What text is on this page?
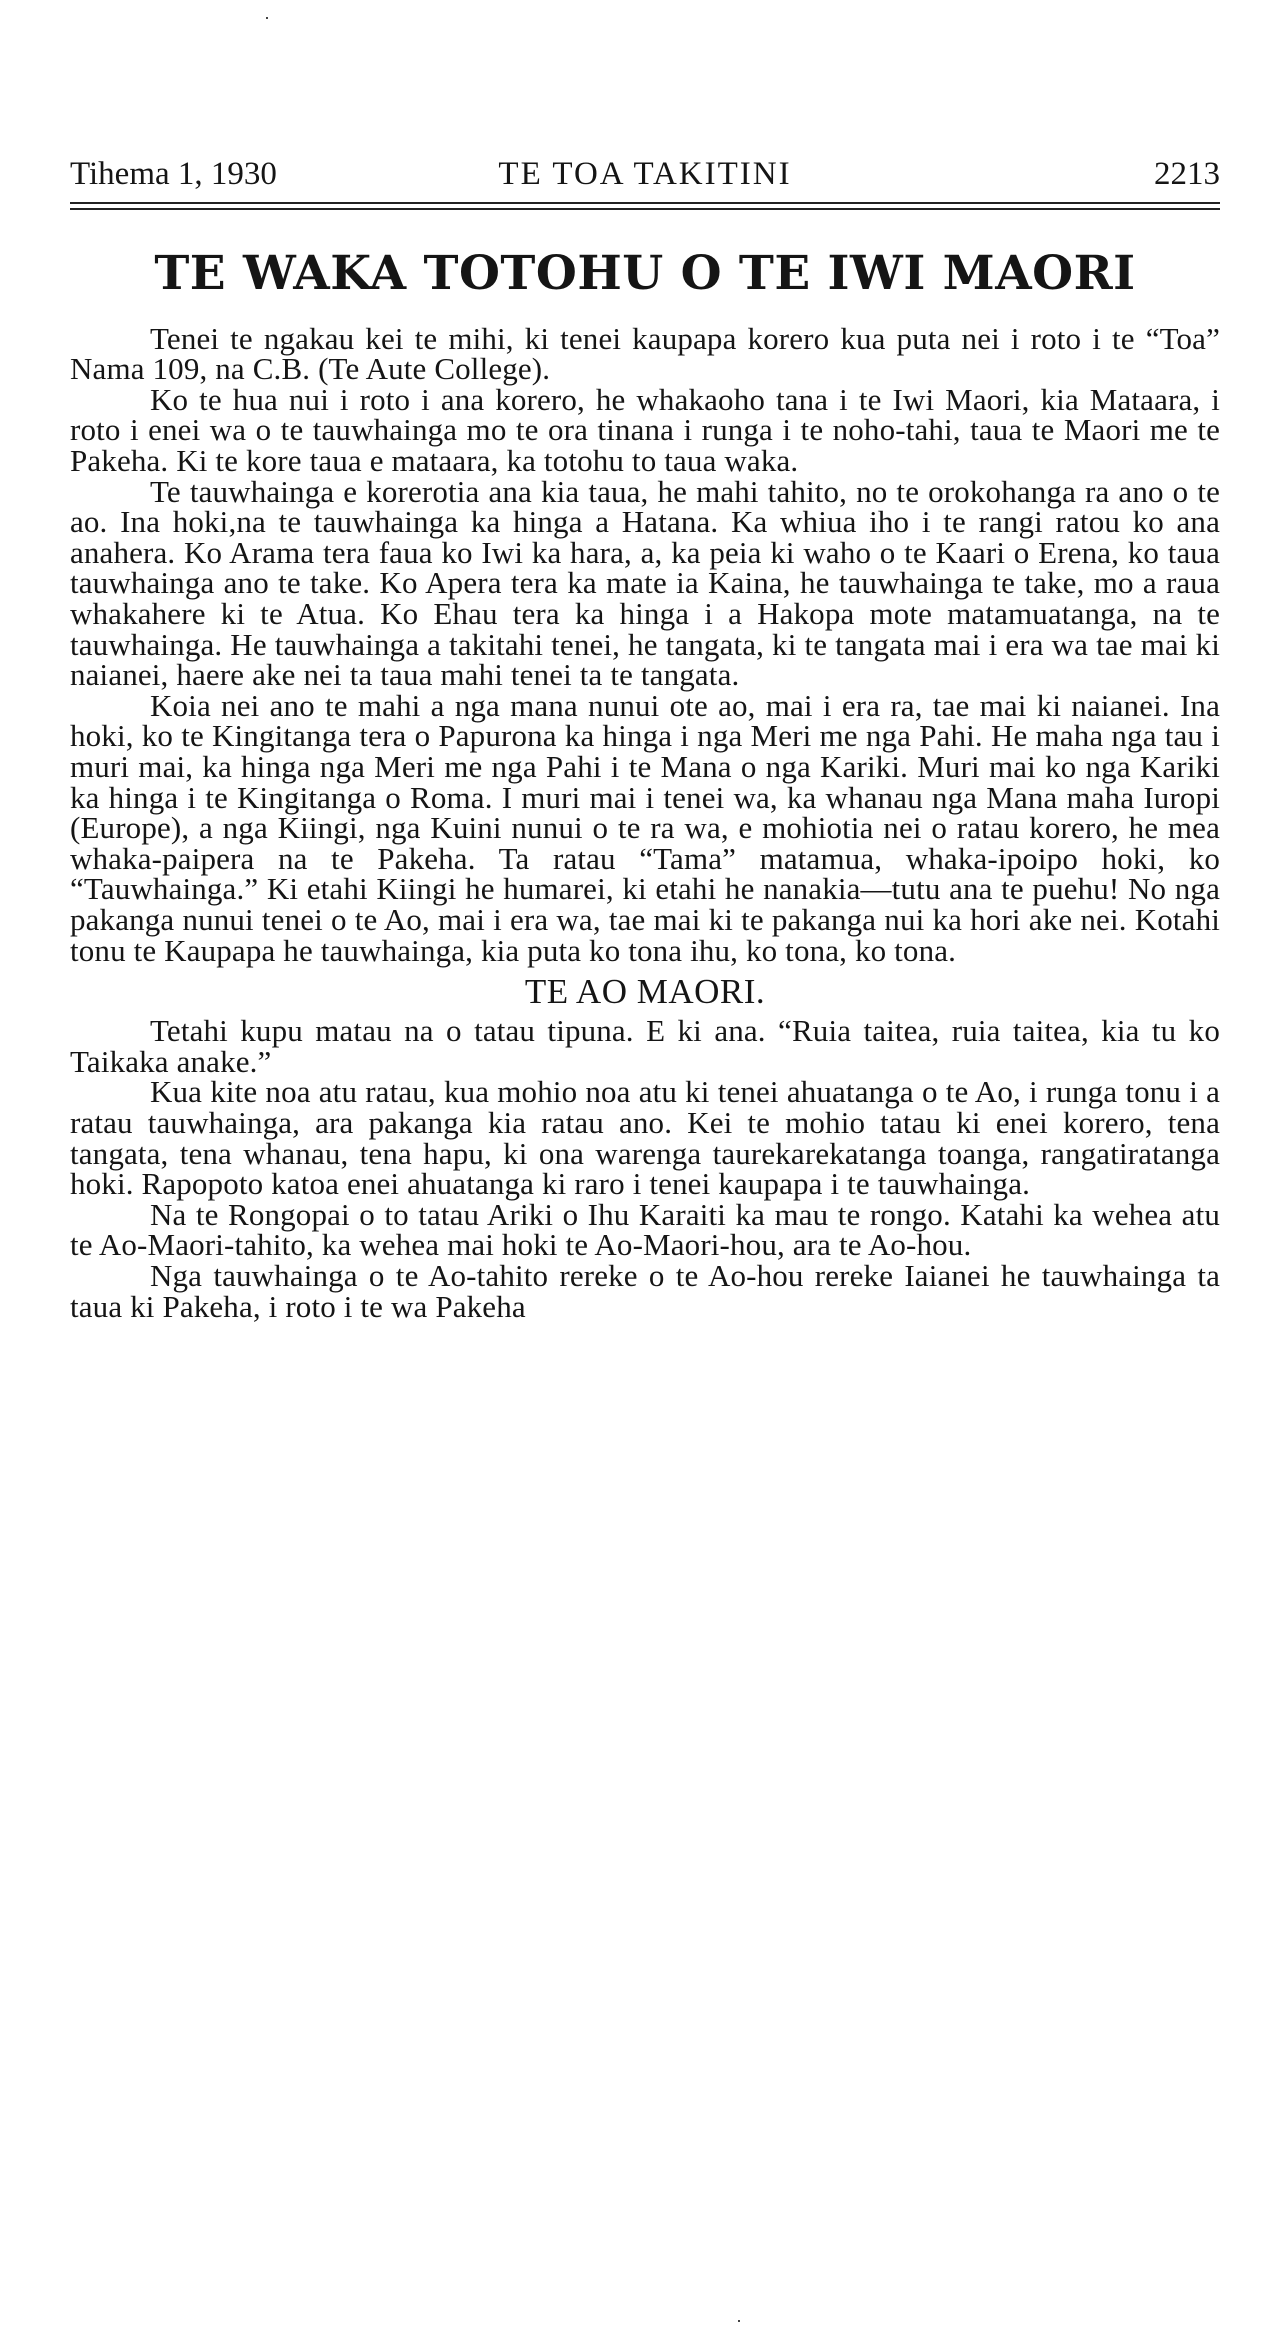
Tihema 1, 1930	TE TOA TAKITINI	2213
TE WAKA TOTOHU O TE IWI MAORI

Tenei te ngakau kei te mihi, ki tenei kaupapa korero kua puta nei i roto i te “Toa” Nama 109, na C.B. (Te Aute College).

Ko te hua nui i roto i ana korero, he whakaoho tana i te Iwi Maori, kia Mataara, i roto i enei wa o te tauwhainga mo te ora tinana i runga i te noho-tahi, taua te Maori me te Pakeha. Ki te kore taua e mataara, ka totohu to taua waka.

Te tauwhainga e korerotia ana kia taua, he mahi tahito, no te orokohanga ra ano o te ao. Ina hoki,na te tauwhainga ka hinga a Hatana. Ka whiua iho i te rangi ratou ko ana anahera. Ko Arama tera faua ko Iwi ka hara, a, ka peia ki waho o te Kaari o Erena, ko taua tauwhainga ano te take. Ko Apera tera ka mate ia Kaina, he tauwhainga te take, mo a raua whakahere ki te Atua. Ko Ehau tera ka hinga i a Hakopa mote matamuatanga, na te tauwhainga. He tauwhainga a takitahi tenei, he tangata, ki te tangata mai i era wa tae mai ki naianei, haere ake nei ta taua mahi tenei ta te tangata.

Koia nei ano te mahi a nga mana nunui ote ao, mai i era ra, tae mai ki naianei. Ina hoki, ko te Kingitanga tera o Papurona ka hinga i nga Meri me nga Pahi. He maha nga tau i muri mai, ka hinga nga Meri me nga Pahi i te Mana o nga Kariki. Muri mai ko nga Kariki ka hinga i te Kingitanga o Roma. I muri mai i tenei wa, ka whanau nga Mana maha Iuropi (Europe), a nga Kiingi, nga Kuini nunui o te ra wa, e mohiotia nei o ratau korero, he mea whaka-paipera na te Pakeha. Ta ratau “Tama” matamua, whaka-ipoipo hoki, ko “Tauwhainga.” Ki etahi Kiingi he humarei, ki etahi he nanakia—tutu ana te puehu! No nga pakanga nunui tenei o te Ao, mai i era wa, tae mai ki te pakanga nui ka hori ake nei. Kotahi tonu te Kaupapa he tauwhainga, kia puta ko tona ihu, ko tona, ko tona.

TE AO MAORI.

Tetahi kupu matau na o tatau tipuna. E ki ana. “Ruia taitea, ruia taitea, kia tu ko Taikaka anake.”

Kua kite noa atu ratau, kua mohio noa atu ki tenei ahuatanga o te Ao, i runga tonu i a ratau tauwhainga, ara pakanga kia ratau ano. Kei te mohio tatau ki enei korero, tena tangata, tena whanau, tena hapu, ki ona warenga taurekarekatanga toanga, rangatiratanga hoki. Rapopoto katoa enei ahuatanga ki raro i tenei kaupapa i te tauwhainga.

Na te Rongopai o to tatau Ariki o Ihu Karaiti ka mau te rongo. Katahi ka wehea atu te Ao-Maori-tahito, ka wehea mai hoki te Ao-Maori-hou, ara te Ao-hou.

Nga tauwhainga o te Ao-tahito rereke o te Ao-hou rereke Iaianei he tauwhainga ta taua ki Pakeha, i roto i te wa Pakeha
